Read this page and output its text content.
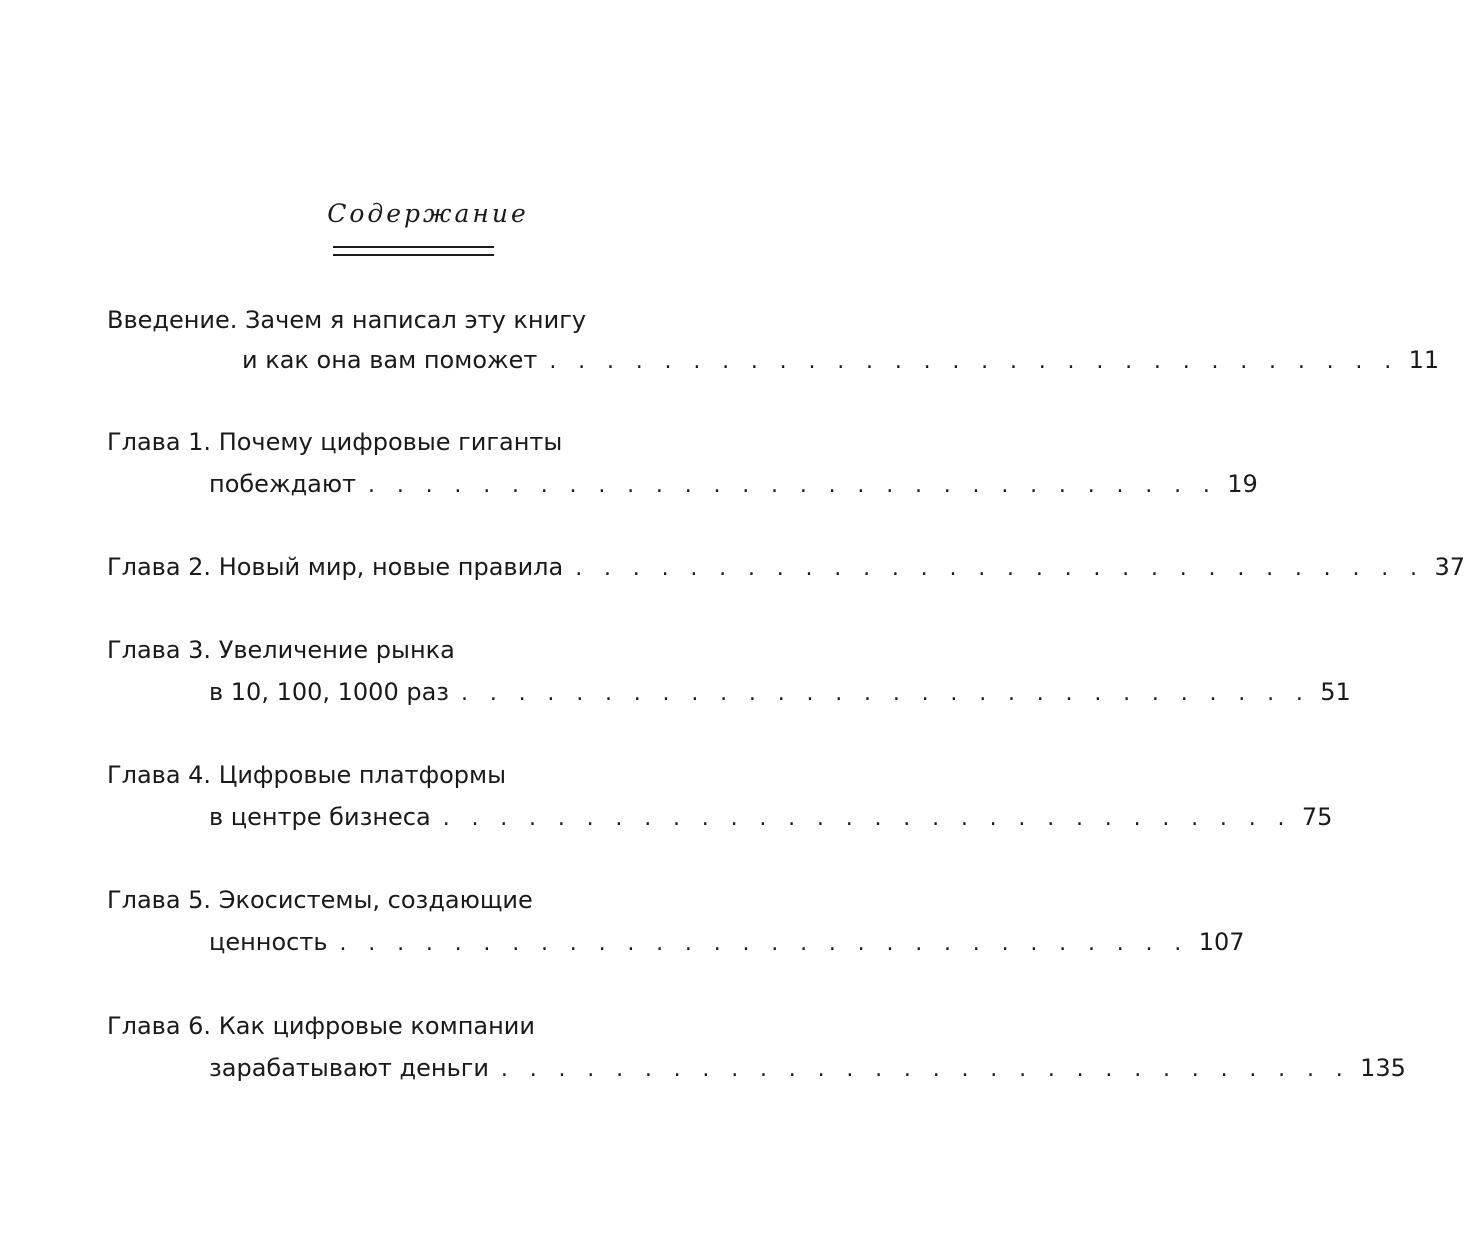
Содержание
Введение. Зачем я написал эту книгу
и как она вам поможет . . . . . . . . . . . . . . . . . . . . . . . . . . . . . . 11
Глава 1. Почему цифровые гиганты
побеждают . . . . . . . . . . . . . . . . . . . . . . . . . . . . . . 19
Глава 2. Новый мир, новые правила . . . . . . . . . . . . . . . . . . . . . . . . . . . . . . 37
Глава 3. Увеличение рынка
в 10, 100, 1000 раз . . . . . . . . . . . . . . . . . . . . . . . . . . . . . . 51
Глава 4. Цифровые платформы
в центре бизнеса . . . . . . . . . . . . . . . . . . . . . . . . . . . . . . 75
Глава 5. Экосистемы, создающие
ценность . . . . . . . . . . . . . . . . . . . . . . . . . . . . . . 107
Глава 6. Как цифровые компании
зарабатывают деньги . . . . . . . . . . . . . . . . . . . . . . . . . . . . . . 135
